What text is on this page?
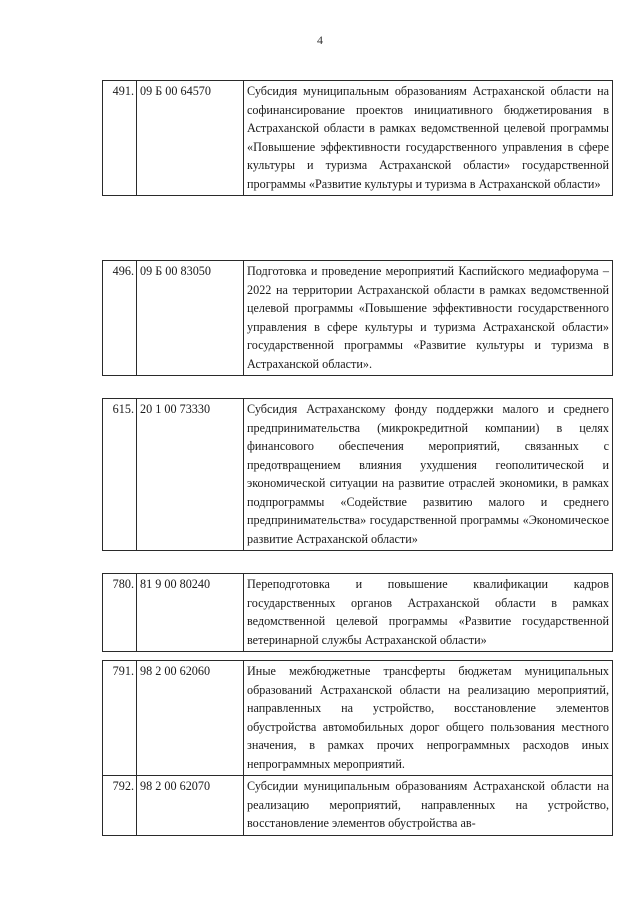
4
491.	09 Б 00 64570	Субсидия муниципальным образованиям Астраханской области на софинансирование проектов инициативного бюджетирования в Астраханской области в рамках ведомственной целевой программы «Повышение эффективности государственного управления в сфере культуры и туризма Астраханской области» государственной программы «Развитие культуры и туризма в Астраханской области»
496.	09 Б 00 83050	Подготовка и проведение мероприятий Каспийского медиафорума – 2022 на территории Астраханской области в рамках ведомственной целевой программы «Повышение эффективности государственного управления в сфере культуры и туризма Астраханской области» государственной программы «Развитие культуры и туризма в Астраханской области».
615.	20 1 00 73330	Субсидия Астраханскому фонду поддержки малого и среднего предпринимательства (микрокредитной компании) в целях финансового обеспечения мероприятий, связанных с предотвращением влияния ухудшения геополитической и экономической ситуации на развитие отраслей экономики, в рамках подпрограммы «Содействие развитию малого и среднего предпринимательства» государственной программы «Экономическое развитие Астраханской области»
780.	81 9 00 80240	Переподготовка и повышение квалификации кадров государственных органов Астраханской области в рамках ведомственной целевой программы «Развитие государственной ветеринарной службы Астраханской области»
791.	98 2 00 62060	Иные межбюджетные трансферты бюджетам муниципальных образований Астраханской области на реализацию мероприятий, направленных на устройство, восстановление элементов обустройства автомобильных дорог общего пользования местного значения, в рамках прочих непрограммных расходов иных непрограммных мероприятий.
792.	98 2 00 62070	Субсидии муниципальным образованиям Астраханской области на реализацию мероприятий, направленных на устройство, восстановление элементов обустройства ав-
